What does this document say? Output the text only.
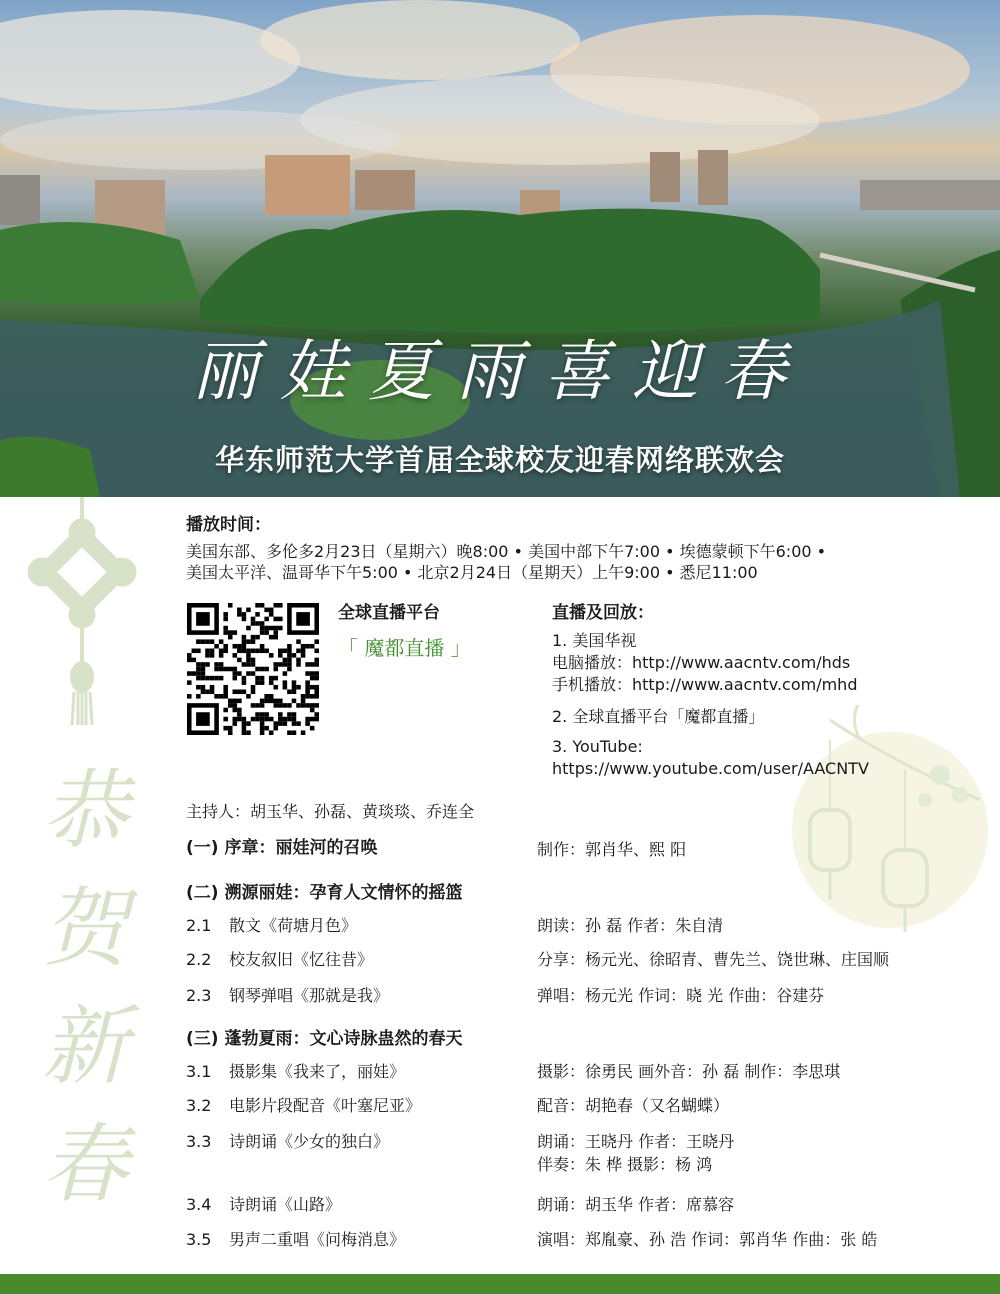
丽娃夏雨喜迎春
华东师范大学首届全球校友迎春网络联欢会
恭
贺
新
春
播放时间：
美国东部、多伦多2月23日（星期六）晚8:00 • 美国中部下午7:00 • 埃德蒙顿下午6:00 •
美国太平洋、温哥华下午5:00 • 北京2月24日（星期天）上午9:00 • 悉尼11:00
全球直播平台
「 魔都直播 」
直播及回放：
1. 美国华视
电脑播放：http://www.aacntv.com/hds
手机播放：http://www.aacntv.com/mhd
2. 全球直播平台「魔都直播」
3. YouTube:
https://www.youtube.com/user/AACNTV
主持人：胡玉华、孙磊、黄琰琰、乔连全
(一) 序章：丽娃河的召唤	制作：郭肖华、熙 阳
(二) 溯源丽娃：孕育人文情怀的摇篮
2.1 散文《荷塘月色》	朗读：孙 磊 作者：朱自清
2.2 校友叙旧《忆往昔》	分享：杨元光、徐昭青、曹先兰、饶世琳、庄国顺
2.3 钢琴弹唱《那就是我》	弹唱：杨元光 作词：晓 光 作曲：谷建芬
(三) 蓬勃夏雨：文心诗脉蛊然的春天
3.1 摄影集《我来了，丽娃》	摄影：徐勇民 画外音：孙 磊 制作：李思琪
3.2 电影片段配音《叶塞尼亚》	配音：胡艳春（又名蝴蝶）
3.3 诗朗诵《少女的独白》	朗诵：王晓丹 作者：王晓丹
伴奏：朱 桦 摄影：杨 鸿
3.4 诗朗诵《山路》	朗诵：胡玉华 作者：席慕容
3.5 男声二重唱《问梅消息》	演唱：郑胤豪、孙 浩 作词：郭肖华 作曲：张 皓
